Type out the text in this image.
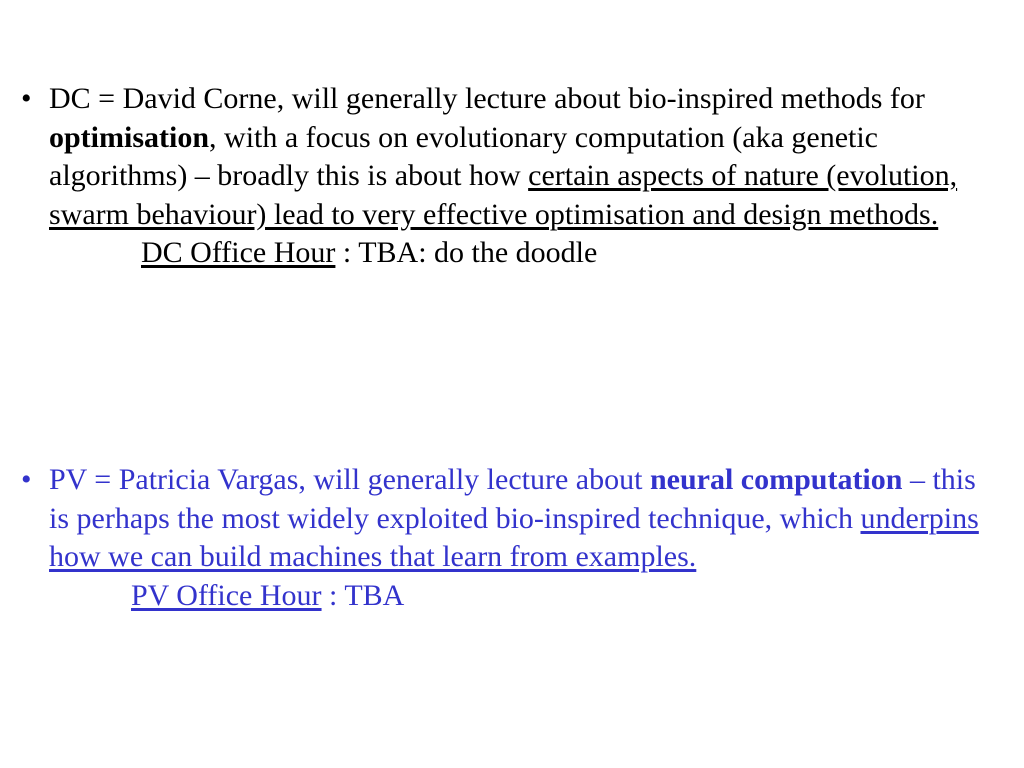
• DC = David Corne, will generally lecture about bio-inspired methods for optimisation, with a focus on evolutionary computation (aka genetic algorithms) – broadly this is about how certain aspects of nature (evolution, swarm behaviour) lead to very effective optimisation and design methods.
DC Office Hour : TBA: do the doodle
• PV = Patricia Vargas, will generally lecture about neural computation – this is perhaps the most widely exploited bio-inspired technique, which underpins how we can build machines that learn from examples.
PV Office Hour : TBA
